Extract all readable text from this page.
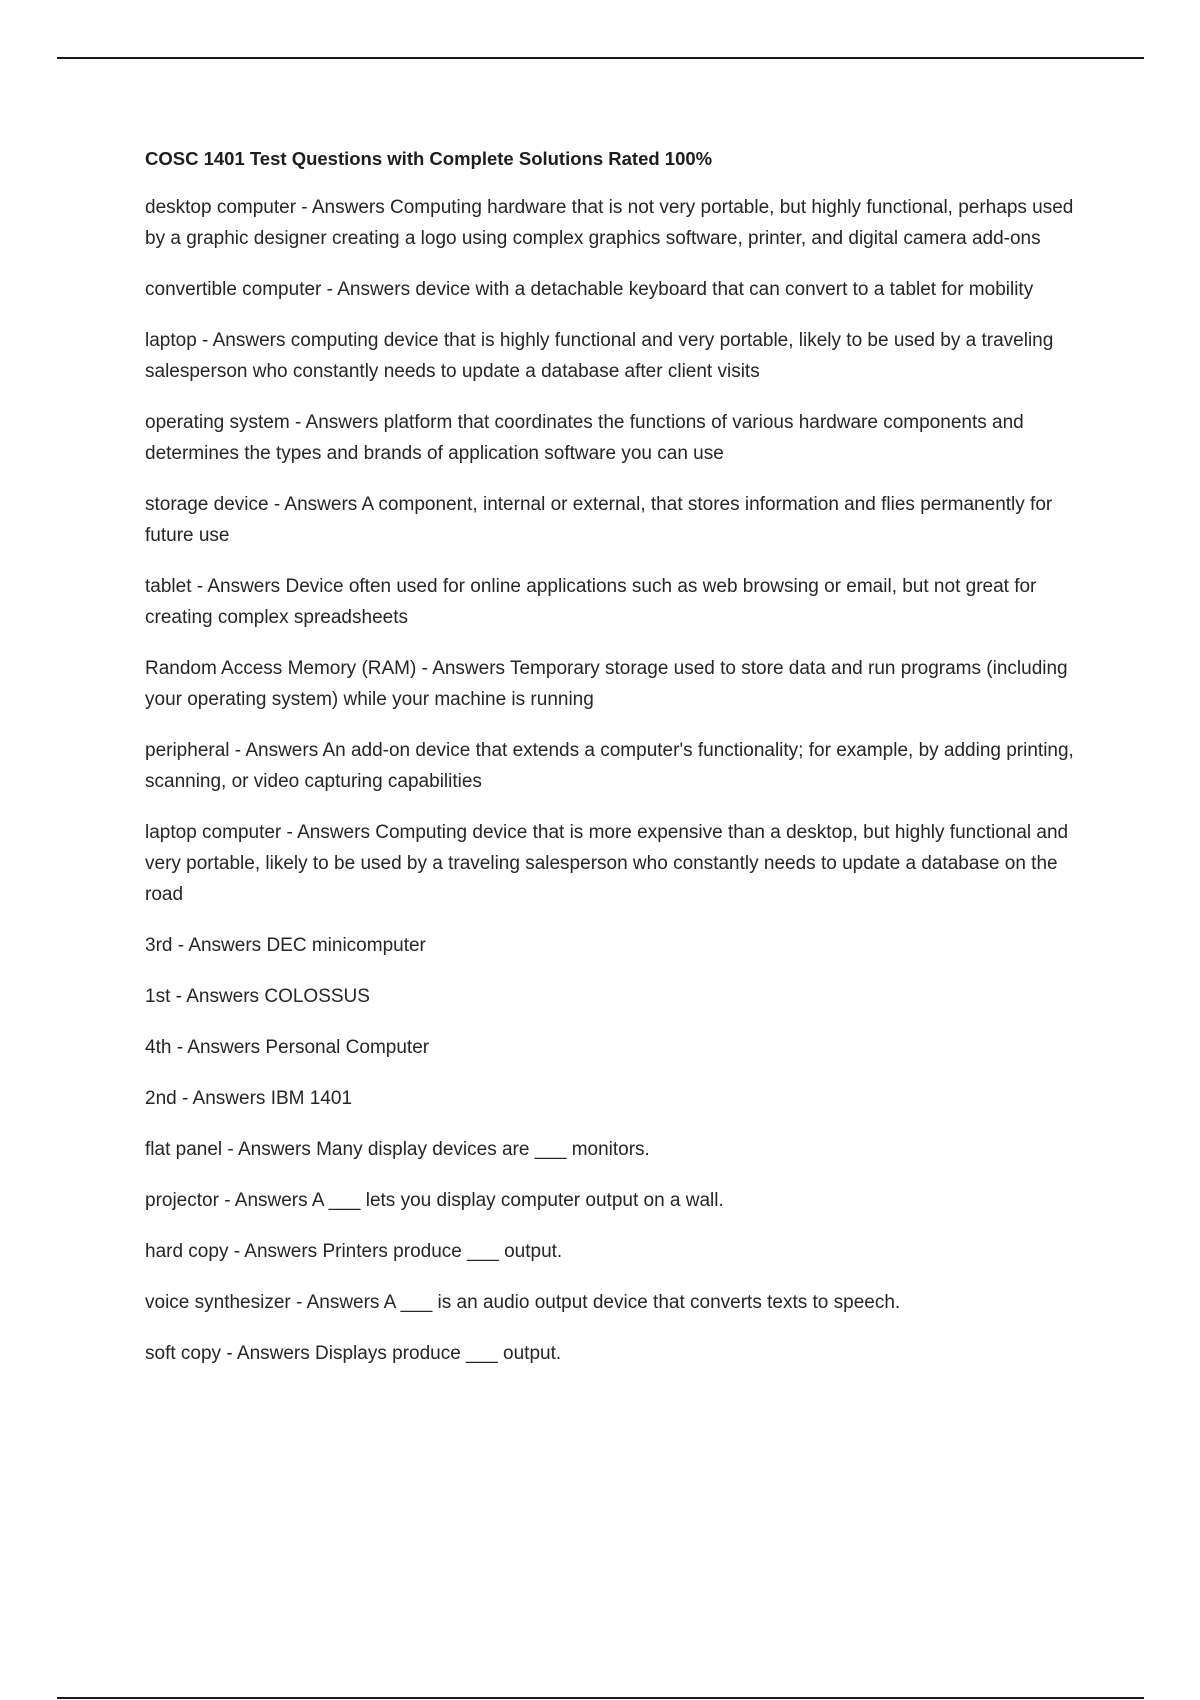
COSC 1401 Test Questions with Complete Solutions Rated 100%
desktop computer - Answers Computing hardware that is not very portable, but highly functional, perhaps used by a graphic designer creating a logo using complex graphics software, printer, and digital camera add-ons
convertible computer - Answers device with a detachable keyboard that can convert to a tablet for mobility
laptop - Answers computing device that is highly functional and very portable, likely to be used by a traveling salesperson who constantly needs to update a database after client visits
operating system - Answers platform that coordinates the functions of various hardware components and determines the types and brands of application software you can use
storage device - Answers A component, internal or external, that stores information and flies permanently for future use
tablet - Answers Device often used for online applications such as web browsing or email, but not great for creating complex spreadsheets
Random Access Memory (RAM) - Answers Temporary storage used to store data and run programs (including your operating system) while your machine is running
peripheral - Answers An add-on device that extends a computer's functionality; for example, by adding printing, scanning, or video capturing capabilities
laptop computer - Answers Computing device that is more expensive than a desktop, but highly functional and very portable, likely to be used by a traveling salesperson who constantly needs to update a database on the road
3rd - Answers DEC minicomputer
1st - Answers COLOSSUS
4th - Answers Personal Computer
2nd - Answers IBM 1401
flat panel - Answers Many display devices are ___ monitors.
projector - Answers A ___ lets you display computer output on a wall.
hard copy - Answers Printers produce ___ output.
voice synthesizer - Answers A ___ is an audio output device that converts texts to speech.
soft copy - Answers Displays produce ___ output.
